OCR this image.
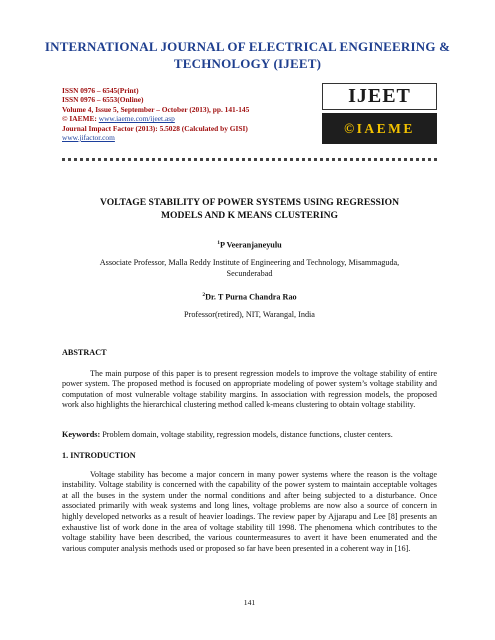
INTERNATIONAL JOURNAL OF ELECTRICAL ENGINEERING &
TECHNOLOGY (IJEET)
ISSN 0976 – 6545(Print)
ISSN 0976 – 6553(Online)
Volume 4, Issue 5, September – October (2013), pp. 141-145
© IAEME: www.iaeme.com/ijeet.asp
Journal Impact Factor (2013): 5.5028 (Calculated by GISI)
www.jifactor.com
IJEET
©IAEME
VOLTAGE STABILITY OF POWER SYSTEMS USING REGRESSION
MODELS AND K MEANS CLUSTERING
$^1$P Veeranjaneyulu
Associate Professor, Malla Reddy Institute of Engineering and Technology, Misammaguda,
Secunderabad
$^2$Dr. T Purna Chandra Rao
Professor(retired), NIT, Warangal, India
ABSTRACT
The main purpose of this paper is to present regression models to improve the voltage stability of entire power system. The proposed method is focused on appropriate modeling of power system’s voltage stability and computation of most vulnerable voltage stability margins. In association with regression models, the proposed work also highlights the hierarchical clustering method called k-means clustering to obtain voltage stability.
Keywords: Problem domain, voltage stability, regression models, distance functions, cluster centers.
1. INTRODUCTION
Voltage stability has become a major concern in many power systems where the reason is the voltage instability. Voltage stability is concerned with the capability of the power system to maintain acceptable voltages at all the buses in the system under the normal conditions and after being subjected to a disturbance. Once associated primarily with weak systems and long lines, voltage problems are now also a source of concern in highly developed networks as a result of heavier loadings. The review paper by Ajjarapu and Lee [8] presents an exhaustive list of work done in the area of voltage stability till 1998. The phenomena which contributes to the voltage stability have been described, the various countermeasures to avert it have been enumerated and the various computer analysis methods used or proposed so far have been presented in a coherent way in [16].
141
